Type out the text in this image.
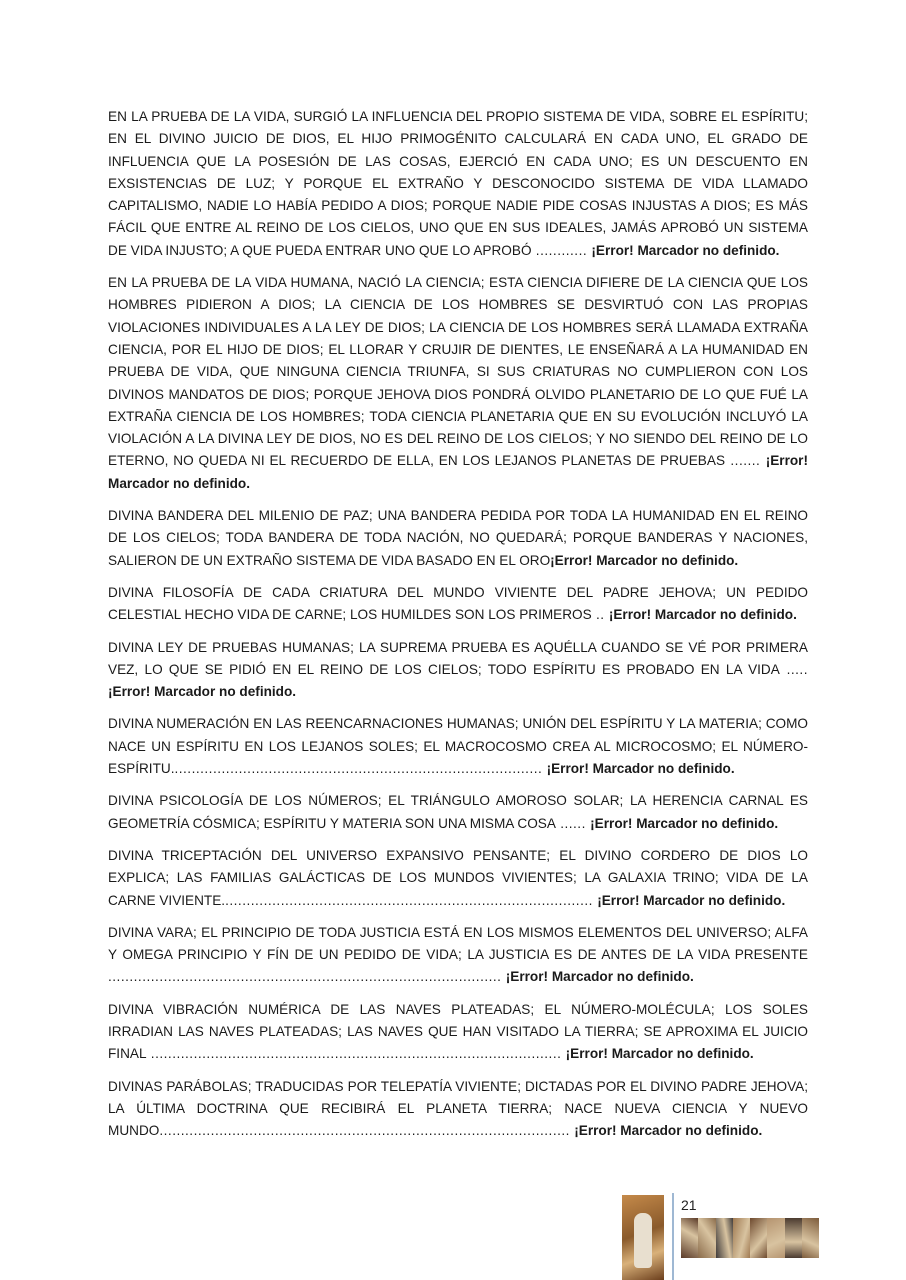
EN LA PRUEBA DE LA VIDA, SURGIÓ LA INFLUENCIA DEL PROPIO SISTEMA DE VIDA, SOBRE EL ESPÍRITU; EN EL DIVINO JUICIO DE DIOS, EL HIJO PRIMOGÉNITO CALCULARÁ EN CADA UNO, EL GRADO DE INFLUENCIA QUE LA POSESIÓN DE LAS COSAS, EJERCIÓ EN CADA UNO; ES UN DESCUENTO EN EXSISTENCIAS DE LUZ; Y PORQUE EL EXTRAÑO Y DESCONOCIDO SISTEMA DE VIDA LLAMADO CAPITALISMO, NADIE LO HABÍA PEDIDO A DIOS; PORQUE NADIE PIDE COSAS INJUSTAS A DIOS; ES MÁS FÁCIL QUE ENTRE AL REINO DE LOS CIELOS, UNO QUE EN SUS IDEALES, JAMÁS APROBÓ UN SISTEMA DE VIDA INJUSTO; A QUE PUEDA ENTRAR UNO QUE LO APROBÓ ............ ¡Error! Marcador no definido.

EN LA PRUEBA DE LA VIDA HUMANA, NACIÓ LA CIENCIA; ESTA CIENCIA DIFIERE DE LA CIENCIA QUE LOS HOMBRES PIDIERON A DIOS; LA CIENCIA DE LOS HOMBRES SE DESVIRTUÓ CON LAS PROPIAS VIOLACIONES INDIVIDUALES A LA LEY DE DIOS; LA CIENCIA DE LOS HOMBRES SERÁ LLAMADA EXTRAÑA CIENCIA, POR EL HIJO DE DIOS; EL LLORAR Y CRUJIR DE DIENTES, LE ENSEÑARÁ A LA HUMANIDAD EN PRUEBA DE VIDA, QUE NINGUNA CIENCIA TRIUNFA, SI SUS CRIATURAS NO CUMPLIERON CON LOS DIVINOS MANDATOS DE DIOS; PORQUE JEHOVA DIOS PONDRÁ OLVIDO PLANETARIO DE LO QUE FUÉ LA EXTRAÑA CIENCIA DE LOS HOMBRES; TODA CIENCIA PLANETARIA QUE EN SU EVOLUCIÓN INCLUYÓ LA VIOLACIÓN A LA DIVINA LEY DE DIOS, NO ES DEL REINO DE LOS CIELOS; Y NO SIENDO DEL REINO DE LO ETERNO, NO QUEDA NI EL RECUERDO DE ELLA, EN LOS LEJANOS PLANETAS DE PRUEBAS ....... ¡Error! Marcador no definido.

DIVINA BANDERA DEL MILENIO DE PAZ; UNA BANDERA PEDIDA POR TODA LA HUMANIDAD EN EL REINO DE LOS CIELOS; TODA BANDERA DE TODA NACIÓN, NO QUEDARÁ; PORQUE BANDERAS Y NACIONES, SALIERON DE UN EXTRAÑO SISTEMA DE VIDA BASADO EN EL ORO¡Error! Marcador no definido.

DIVINA FILOSOFÍA DE CADA CRIATURA DEL MUNDO VIVIENTE DEL PADRE JEHOVA; UN PEDIDO CELESTIAL HECHO VIDA DE CARNE; LOS HUMILDES SON LOS PRIMEROS .. ¡Error! Marcador no definido.

DIVINA LEY DE PRUEBAS HUMANAS; LA SUPREMA PRUEBA ES AQUÉLLA CUANDO SE VÉ POR PRIMERA VEZ, LO QUE SE PIDIÓ EN EL REINO DE LOS CIELOS; TODO ESPÍRITU ES PROBADO EN LA VIDA ..... ¡Error! Marcador no definido.

DIVINA NUMERACIÓN EN LAS REENCARNACIONES HUMANAS; UNIÓN DEL ESPÍRITU Y LA MATERIA; COMO NACE UN ESPÍRITU EN LOS LEJANOS SOLES; EL MACROCOSMO CREA AL MICROCOSMO; EL NÚMERO-ESPÍRITU....................................................................................... ¡Error! Marcador no definido.

DIVINA PSICOLOGÍA DE LOS NÚMEROS; EL TRIÁNGULO AMOROSO SOLAR; LA HERENCIA CARNAL ES GEOMETRÍA CÓSMICA; ESPÍRITU Y MATERIA SON UNA MISMA COSA ...... ¡Error! Marcador no definido.

DIVINA TRICEPTACIÓN DEL UNIVERSO EXPANSIVO PENSANTE; EL DIVINO CORDERO DE DIOS LO EXPLICA; LAS FAMILIAS GALÁCTICAS DE LOS MUNDOS VIVIENTES; LA GALAXIA TRINO; VIDA DE LA CARNE VIVIENTE....................................................................................... ¡Error! Marcador no definido.

DIVINA VARA; EL PRINCIPIO DE TODA JUSTICIA ESTÁ EN LOS MISMOS ELEMENTOS DEL UNIVERSO; ALFA Y OMEGA PRINCIPIO Y FÍN DE UN PEDIDO DE VIDA; LA JUSTICIA ES DE ANTES DE LA VIDA PRESENTE ............................................................................................ ¡Error! Marcador no definido.

DIVINA VIBRACIÓN NUMÉRICA DE LAS NAVES PLATEADAS; EL NÚMERO-MOLÉCULA; LOS SOLES IRRADIAN LAS NAVES PLATEADAS; LAS NAVES QUE HAN VISITADO LA TIERRA; SE APROXIMA EL JUICIO FINAL ................................................................................................ ¡Error! Marcador no definido.

DIVINAS PARÁBOLAS; TRADUCIDAS POR TELEPATÍA VIVIENTE; DICTADAS POR EL DIVINO PADRE JEHOVA; LA ÚLTIMA DOCTRINA QUE RECIBIRÁ EL PLANETA TIERRA; NACE NUEVA CIENCIA Y NUEVO MUNDO................................................................................................ ¡Error! Marcador no definido.

21
